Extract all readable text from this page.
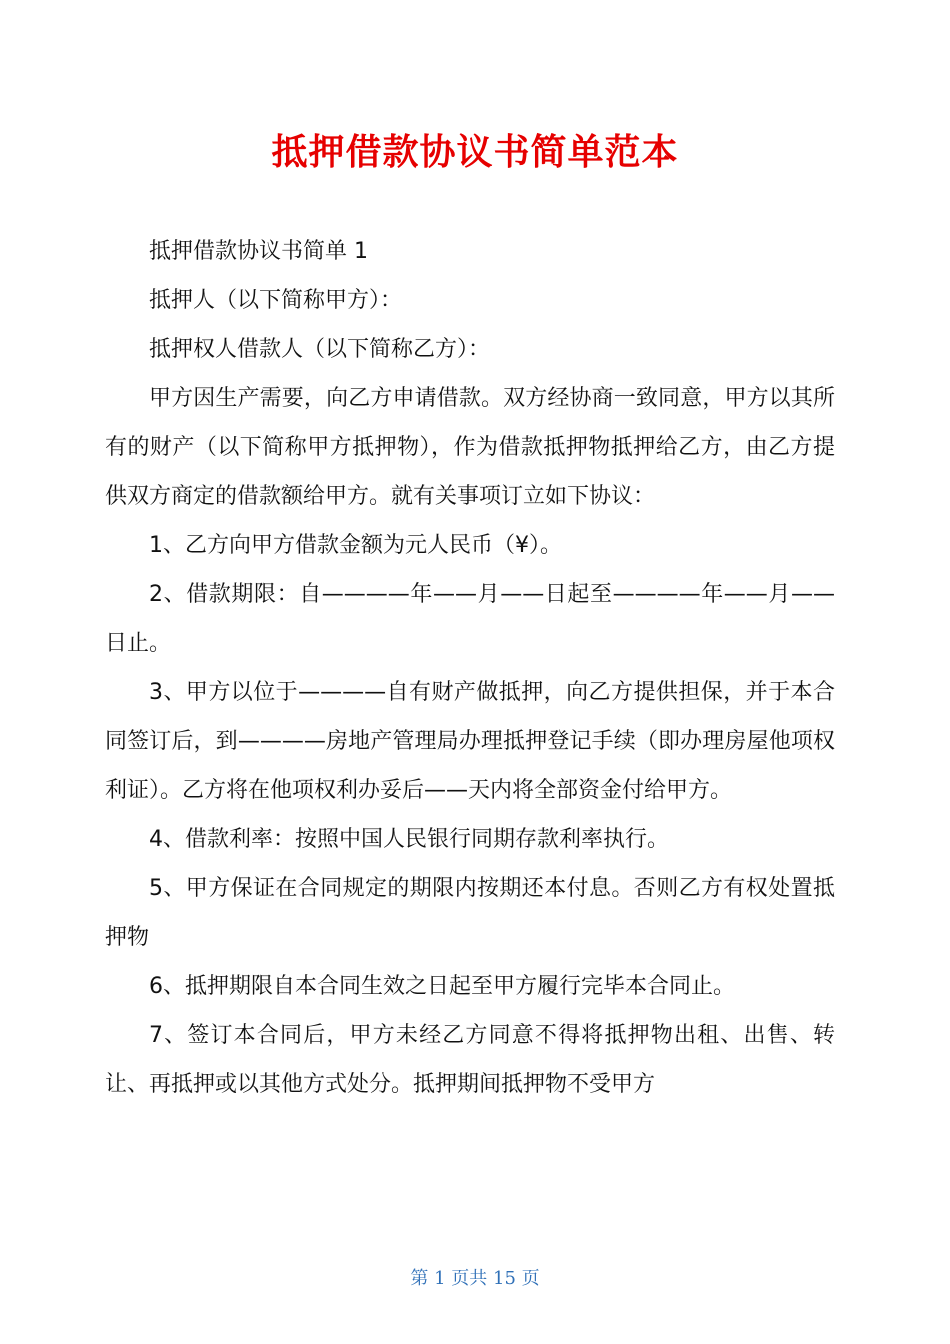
抵押借款协议书简单范本

抵押借款协议书简单 1

抵押人（以下简称甲方）：

抵押权人借款人（以下简称乙方）：

甲方因生产需要，向乙方申请借款。双方经协商一致同意，甲方以其所有的财产（以下简称甲方抵押物），作为借款抵押物抵押给乙方，由乙方提供双方商定的借款额给甲方。就有关事项订立如下协议：

1、乙方向甲方借款金额为元人民币（¥）。

2、借款期限：自————年——月——日起至————年——月——日止。

3、甲方以位于————自有财产做抵押，向乙方提供担保，并于本合同签订后，到————房地产管理局办理抵押登记手续（即办理房屋他项权利证）。乙方将在他项权利办妥后——天内将全部资金付给甲方。

4、借款利率：按照中国人民银行同期存款利率执行。

5、甲方保证在合同规定的期限内按期还本付息。否则乙方有权处置抵押物

6、抵押期限自本合同生效之日起至甲方履行完毕本合同止。

7、签订本合同后，甲方未经乙方同意不得将抵押物出租、出售、转让、再抵押或以其他方式处分。抵押期间抵押物不受甲方

第 1 页共 15 页
